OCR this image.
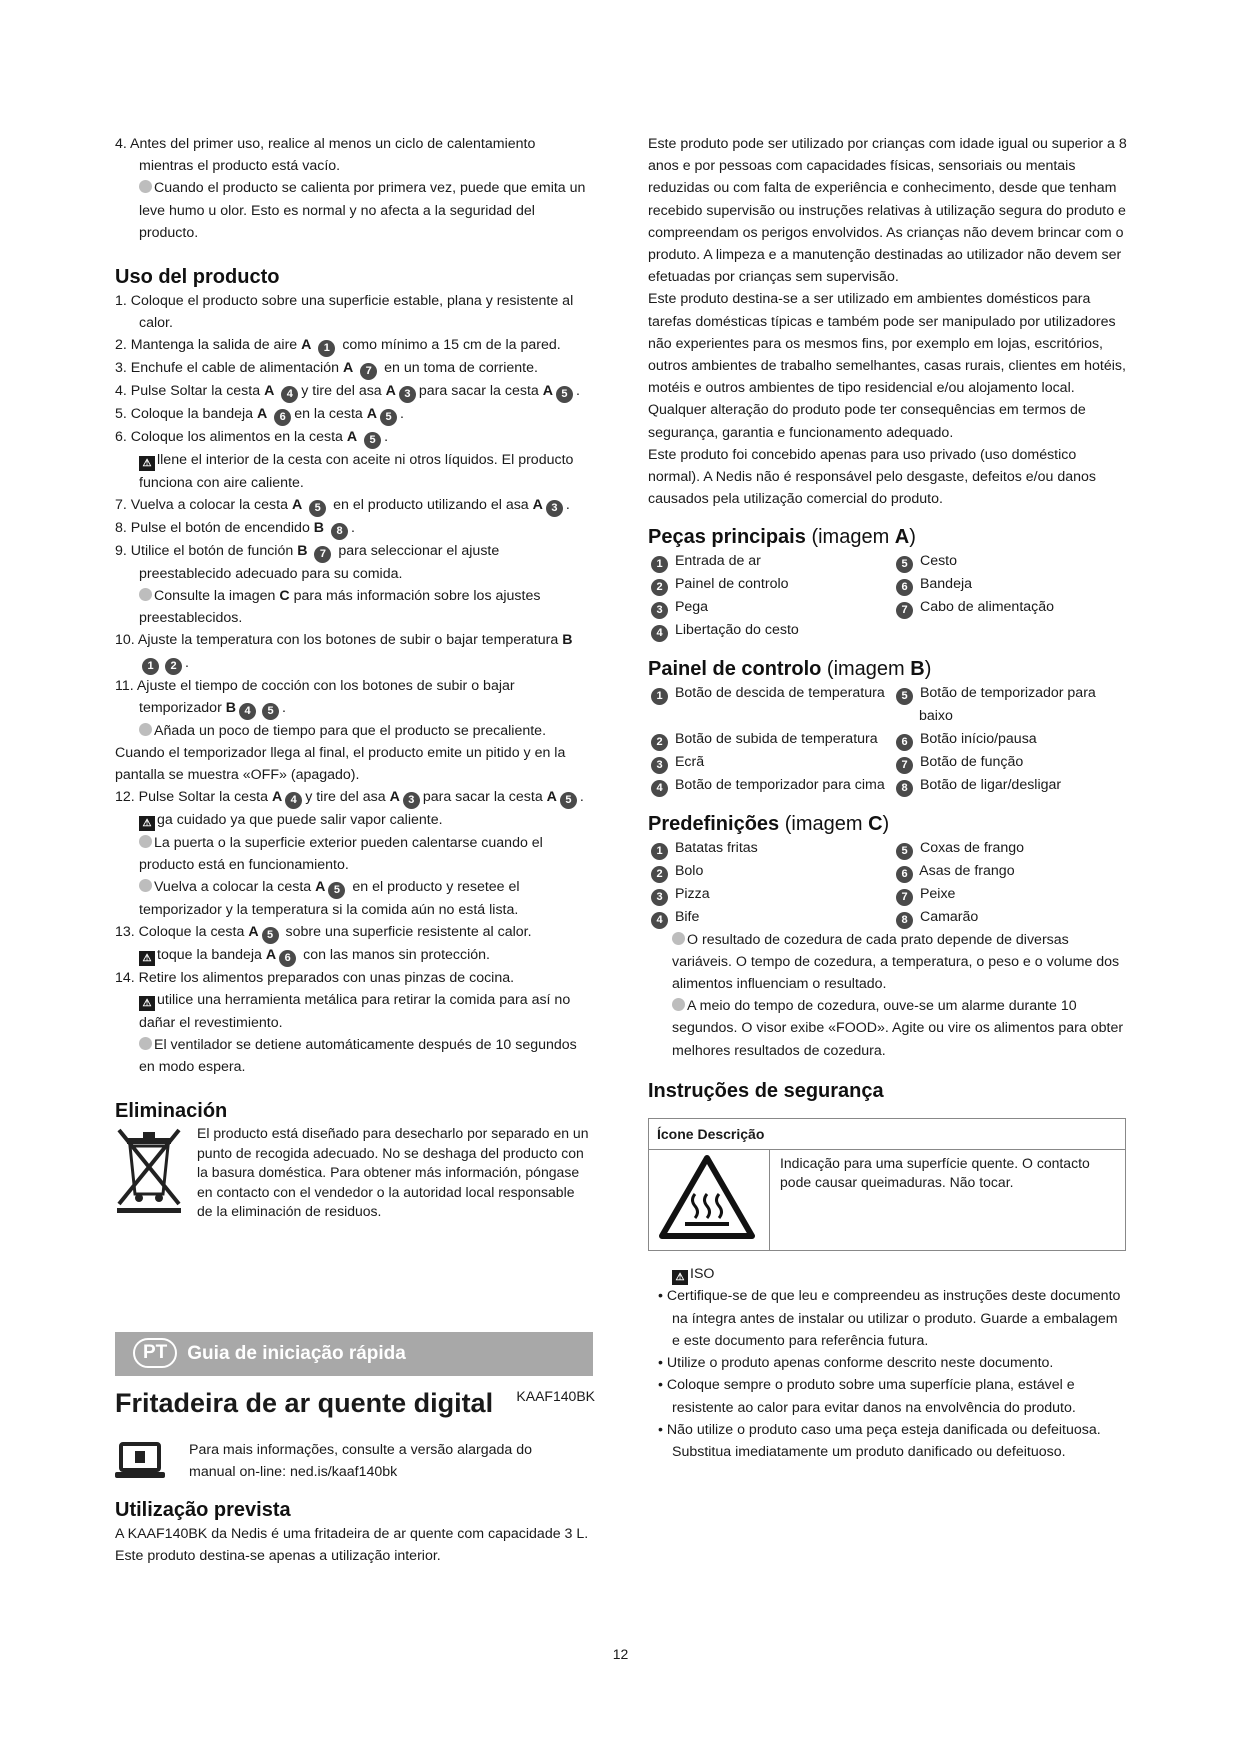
4. Antes del primer uso, realice al menos un ciclo de calentamiento
mientras el producto está vacío.

Cuando el producto se calienta por primera vez, puede que emita un leve humo u olor. Esto es normal y no afecta a la seguridad del producto.

Uso del producto

1. Coloque el producto sobre una superficie estable, plana y resistente al calor.

2. Mantenga la salida de aire A 1 como mínimo a 15 cm de la pared.

3. Enchufe el cable de alimentación A 7 en un toma de corriente.

4. Pulse Soltar la cesta A 4 y tire del asa A 3 para sacar la cesta A 5 .

5. Coloque la bandeja A 6 en la cesta A 5 .

6. Coloque los alimentos en la cesta A 5 .

⚠ llene el interior de la cesta con aceite ni otros líquidos. El producto funciona con aire caliente.

7. Vuelva a colocar la cesta A 5 en el producto utilizando el asa A 3 .

8. Pulse el botón de encendido B 8 .

9. Utilice el botón de función B 7 para seleccionar el ajuste preestablecido adecuado para su comida.

Consulte la imagen C para más información sobre los ajustes preestablecidos.

10. Ajuste la temperatura con los botones de subir o bajar temperatura B1 2 .

11. Ajuste el tiempo de cocción con los botones de subir o bajar temporizador B 4 5 .

Añada un poco de tiempo para que el producto se precaliente.

Cuando el temporizador llega al final, el producto emite un pitido y en la pantalla se muestra «OFF» (apagado).

12. Pulse Soltar la cesta A 4 y tire del asa A 3 para sacar la cesta A 5 .

⚠ ga cuidado ya que puede salir vapor caliente.

La puerta o la superficie exterior pueden calentarse cuando el producto está en funcionamiento.

Vuelva a colocar la cesta A 5 en el producto y resetee el temporizador y la temperatura si la comida aún no está lista.

13. Coloque la cesta A 5 sobre una superficie resistente al calor.

⚠ toque la bandeja A 6 con las manos sin protección.

14. Retire los alimentos preparados con unas pinzas de cocina.

⚠ utilice una herramienta metálica para retirar la comida para así no dañar el revestimiento.

El ventilador se detiene automáticamente después de 10 segundos en modo espera.

Eliminación

El producto está diseñado para desecharlo por separado en un punto de recogida adecuado. No se deshaga del producto con la basura doméstica. Para obtener más información, póngase en contacto con el vendedor o la autoridad local responsable de la eliminación de residuos.

PT Guia de iniciação rápida
Fritadeira de ar quente digital KAAF140BK

Para mais informações, consulte a versão alargada do manual on-line: ned.is/kaaf140bk

Utilização prevista

A KAAF140BK da Nedis é uma fritadeira de ar quente com capacidade 3 L.

Este produto destina-se apenas a utilização interior.

Este produto pode ser utilizado por crianças com idade igual ou superior a 8 anos e por pessoas com capacidades físicas, sensoriais ou mentais reduzidas ou com falta de experiência e conhecimento, desde que tenham recebido supervisão ou instruções relativas à utilização segura do produto e compreendam os perigos envolvidos. As crianças não devem brincar com o produto. A limpeza e a manutenção destinadas ao utilizador não devem ser efetuadas por crianças sem supervisão.

Este produto destina-se a ser utilizado em ambientes domésticos para tarefas domésticas típicas e também pode ser manipulado por utilizadores não experientes para os mesmos fins, por exemplo em lojas, escritórios, outros ambientes de trabalho semelhantes, casas rurais, clientes em hotéis, motéis e outros ambientes de tipo residencial e/ou alojamento local.

Qualquer alteração do produto pode ter consequências em termos de segurança, garantia e funcionamento adequado.

Este produto foi concebido apenas para uso privado (uso doméstico normal). A Nedis não é responsável pelo desgaste, defeitos e/ou danos causados pela utilização comercial do produto.

Peças principais (imagem A)
1 Entrada de ar	5 Cesto
2 Painel de controlo	6 Bandeja
3 Pega	7 Cabo de alimentação
4 Libertação do cesto
Painel de controlo (imagem B)
1 Botão de descida de temperatura	5 Botão de temporizador para baixo
2 Botão de subida de temperatura	6 Botão início/pausa
3 Ecrã	7 Botão de função
4 Botão de temporizador para cima	8 Botão de ligar/desligar
Predefinições (imagem C)
1 Batatas fritas	5 Coxas de frango
2 Bolo	6 Asas de frango
3 Pizza	7 Peixe
4 Bife	8 Camarão

O resultado de cozedura de cada prato depende de diversas variáveis. O tempo de cozedura, a temperatura, o peso e o volume dos alimentos influenciam o resultado.

A meio do tempo de cozedura, ouve-se um alarme durante 10 segundos. O visor exibe «FOOD». Agite ou vire os alimentos para obter melhores resultados de cozedura.

Instruções de segurança
Ícone Descrição
	Indicação para uma superfície quente. O contacto pode causar queimaduras. Não tocar.

⚠ ISO

• Certifique-se de que leu e compreendeu as instruções deste documento na íntegra antes de instalar ou utilizar o produto. Guarde a embalagem e este documento para referência futura.

• Utilize o produto apenas conforme descrito neste documento.

• Coloque sempre o produto sobre uma superfície plana, estável e resistente ao calor para evitar danos na envolvência do produto.

• Não utilize o produto caso uma peça esteja danificada ou defeituosa. Substitua imediatamente um produto danificado ou defeituoso.

12
